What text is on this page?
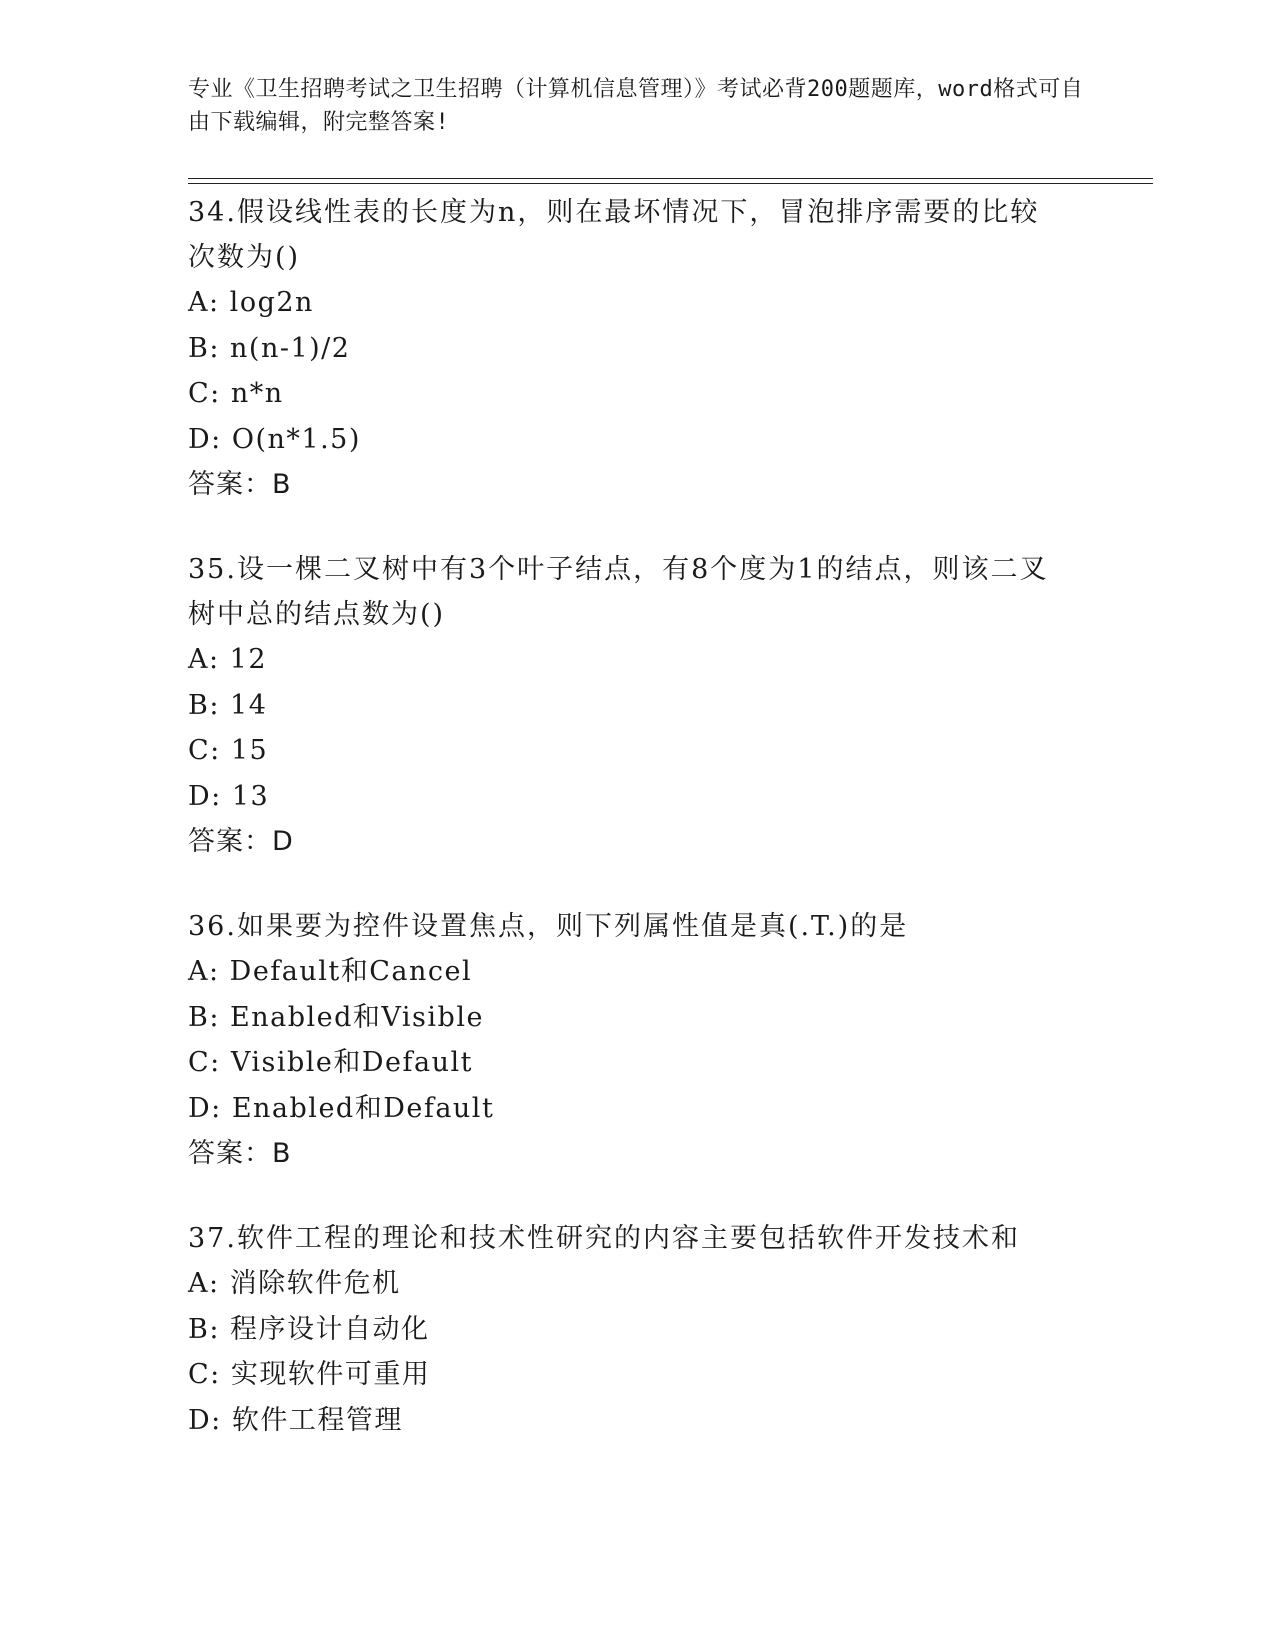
专业《卫生招聘考试之卫生招聘（计算机信息管理）》考试必背200题题库，word格式可自由下载编辑，附完整答案!
34.假设线性表的长度为n，则在最坏情况下，冒泡排序需要的比较次数为()
A: log2n
B: n(n-1)/2
C: n*n
D: O(n*1.5)
答案：B
35.设一棵二叉树中有3个叶子结点，有8个度为1的结点，则该二叉树中总的结点数为()
A: 12
B: 14
C: 15
D: 13
答案：D
36.如果要为控件设置焦点，则下列属性值是真(.T.)的是
A: Default和Cancel
B: Enabled和Visible
C: Visible和Default
D: Enabled和Default
答案：B
37.软件工程的理论和技术性研究的内容主要包括软件开发技术和
A: 消除软件危机
B: 程序设计自动化
C: 实现软件可重用
D: 软件工程管理
